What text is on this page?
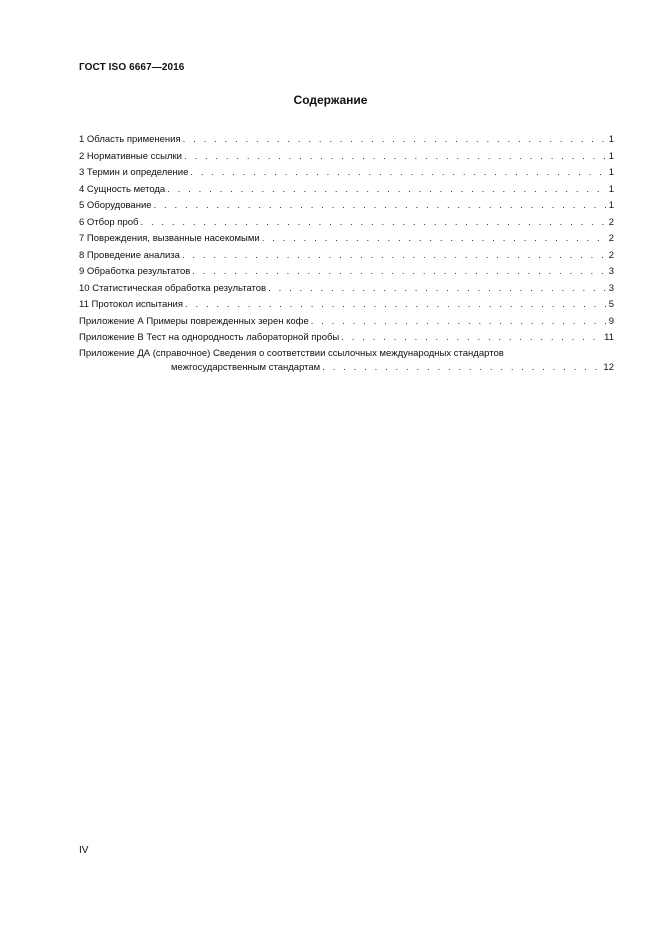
ГОСТ ISO 6667—2016
Содержание
1 Область применения . . .	1
2 Нормативные ссылки . . .	1
3 Термин и определение . . .	1
4 Сущность метода . . .	1
5 Оборудование . . .	1
6 Отбор проб . . .	2
7 Повреждения, вызванные насекомыми . . .	2
8 Проведение анализа . . .	2
9 Обработка результатов . . .	3
10 Статистическая обработка результатов . . .	3
11 Протокол испытания . . .	5
Приложение А Примеры поврежденных зерен кофе . . .	9
Приложение В Тест на однородность лабораторной пробы . . .	11
Приложение ДА (справочное) Сведения о соответствии ссылочных международных стандартов
межгосударственным стандартам . . .	12
IV
